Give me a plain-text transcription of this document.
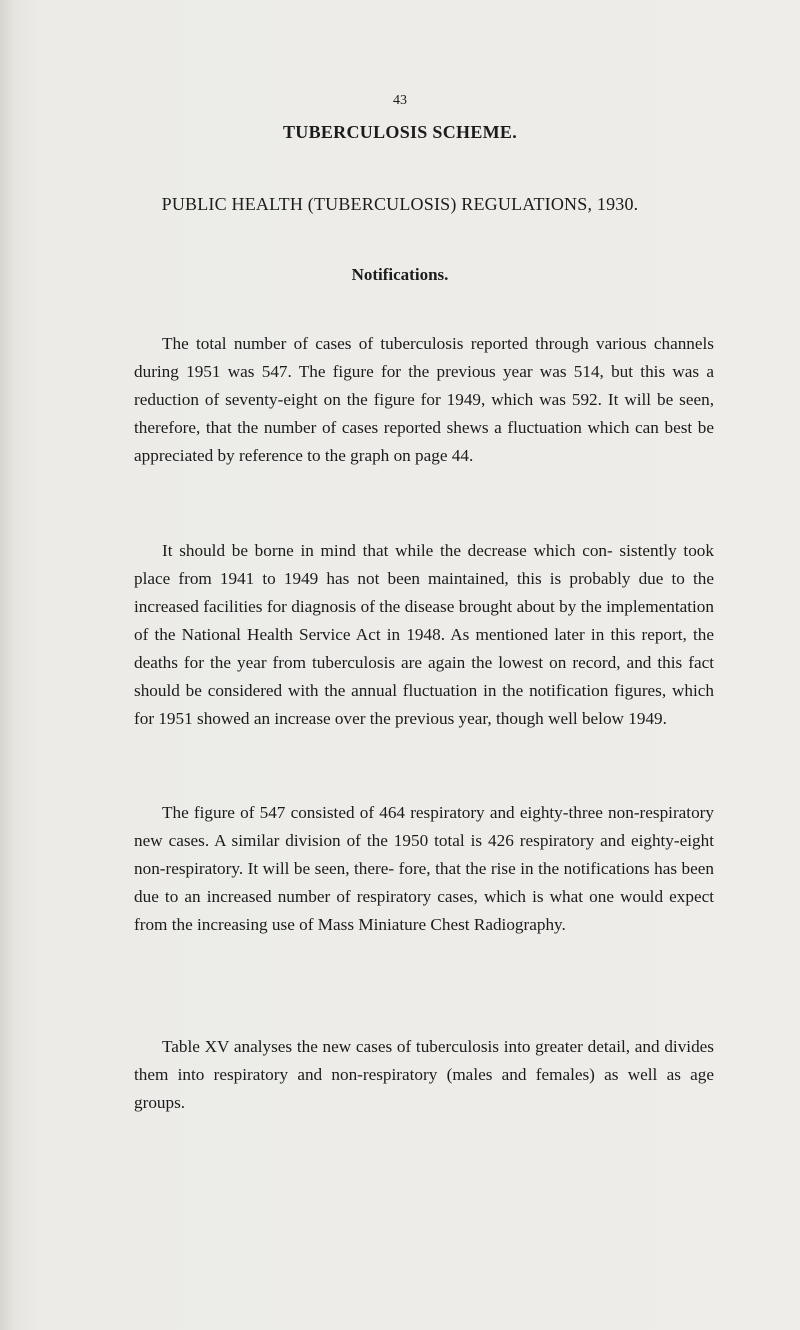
43
TUBERCULOSIS SCHEME.
PUBLIC HEALTH (TUBERCULOSIS) REGULATIONS, 1930.
Notifications.

The total number of cases of tuberculosis reported through various channels during 1951 was 547. The figure for the previous year was 514, but this was a reduction of seventy-eight on the figure for 1949, which was 592. It will be seen, therefore, that the number of cases reported shews a fluctuation which can best be appreciated by reference to the graph on page 44.

It should be borne in mind that while the decrease which con- sistently took place from 1941 to 1949 has not been maintained, this is probably due to the increased facilities for diagnosis of the disease brought about by the implementation of the National Health Service Act in 1948. As mentioned later in this report, the deaths for the year from tuberculosis are again the lowest on record, and this fact should be considered with the annual fluctuation in the notification figures, which for 1951 showed an increase over the previous year, though well below 1949.

The figure of 547 consisted of 464 respiratory and eighty-three non-respiratory new cases. A similar division of the 1950 total is 426 respiratory and eighty-eight non-respiratory. It will be seen, there- fore, that the rise in the notifications has been due to an increased number of respiratory cases, which is what one would expect from the increasing use of Mass Miniature Chest Radiography.

Table XV analyses the new cases of tuberculosis into greater detail, and divides them into respiratory and non-respiratory (males and females) as well as age groups.
